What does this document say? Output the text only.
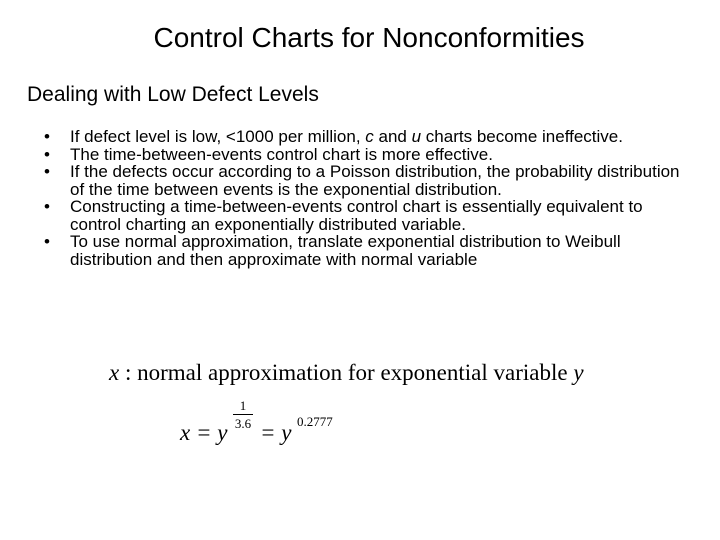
Control Charts for Nonconformities
Dealing with Low Defect Levels
• If defect level is low, <1000 per million, c and u charts become ineffective.
• The time-between-events control chart is more effective.
• If the defects occur according to a Poisson distribution, the probability distribution of the time between events is the exponential distribution.
• Constructing a time-between-events control chart is essentially equivalent to control charting an exponentially distributed variable.
• To use normal approximation, translate exponential distribution to Weibull distribution and then approximate with normal variable
x : normal approximation for exponential variable y
x = y = y 0.2777
1
3.6
